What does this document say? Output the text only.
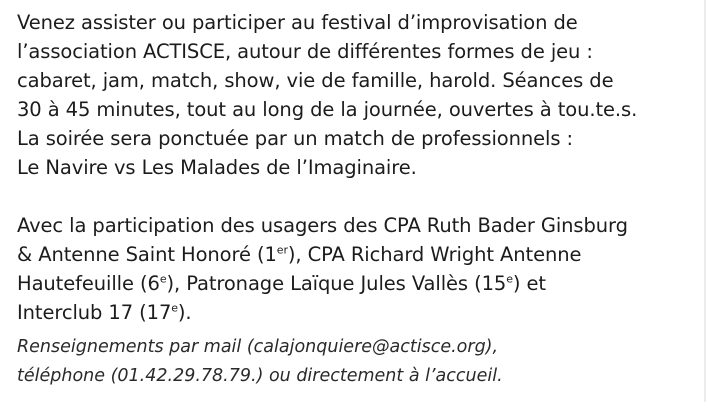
Venez assister ou participer au festival d’improvisation de
l’association ACTISCE, autour de différentes formes de jeu :
cabaret, jam, match, show, vie de famille, harold. Séances de
30 à 45 minutes, tout au long de la journée, ouvertes à tou.te.s.
La soirée sera ponctuée par un match de professionnels :
Le Navire vs Les Malades de l’Imaginaire.

Avec la participation des usagers des CPA Ruth Bader Ginsburg
& Antenne Saint Honoré (1er), CPA Richard Wright Antenne
Hautefeuille (6e), Patronage Laïque Jules Vallès (15e) et
Interclub 17 (17e).

Renseignements par mail (calajonquiere@actisce.org),
téléphone (01.42.29.78.79.) ou directement à l’accueil.
